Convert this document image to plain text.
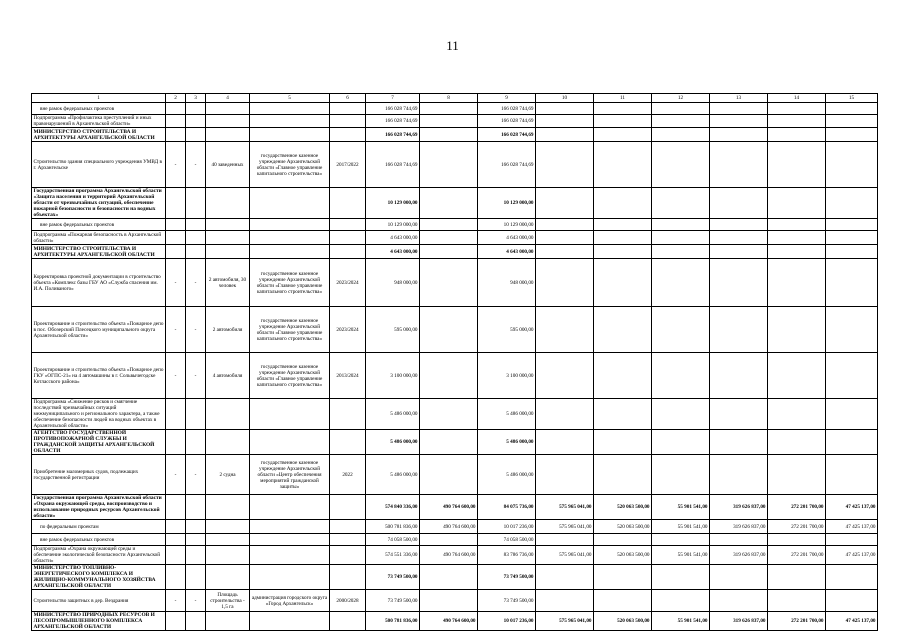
11
1	2	3	4	5	6	7	8	9	10	11	12	13	14	15
вне рамок федеральных проектов						166 028 744,69		166 028 744,69						
Подпрограмма «Профилактика преступлений и иных правонарушений в Архангельской области»						166 028 744,69		166 028 744,69						
МИНИСТЕРСТВО СТРОИТЕЛЬСТВА И АРХИТЕКТУРЫ АРХАНГЕЛЬСКОЙ ОБЛАСТИ						166 028 744,69		166 028 744,69						
Строительство здания специального учреждения УМВД в г. Архангельске	-	-	40 заведенных	государственное казенное учреждение Архангельской области «Главное управление капитального строительства»	2017/2022	166 028 744,69		166 028 744,69						
Государственная программа Архангельской области «Защита населения и территорий Архангельской области от чрезвычайных ситуаций, обеспечение пожарной безопасности и безопасности на водных объектах»						10 129 000,00		10 129 000,00						
вне рамок федеральных проектов						10 129 000,00		10 129 000,00						
Подпрограмма «Пожарная безопасность в Архангельской области»						4 643 000,00		4 643 000,00						
МИНИСТЕРСТВО СТРОИТЕЛЬСТВА И АРХИТЕКТУРЫ АРХАНГЕЛЬСКОЙ ОБЛАСТИ						4 643 000,00		4 643 000,00						
Корректировка проектной документации в строительство объекта «Комплекс базы ГБУ АО «Служба спасения им. И.А. Поливаного»	-	-	2 автомобиля, 30 человек	государственное казенное учреждение Архангельской области «Главное управление капитального строительства»	2023/2024	948 000,00		948 000,00						
Проектирование и строительство объекта «Пожарное депо в пос. Обозерский Плесецкого муниципального округа Архангельской области»	-	-	2 автомобиля	государственное казенное учреждение Архангельской области «Главное управление капитального строительства»	2023/2024	595 000,00		595 000,00						
Проектирование и строительство объекта «Пожарное депо ГКУ «ОГПС-21» на 4 автомашины в г. Сольвычегодске Котласского района»	-	-	4 автомобиля	государственное казенное учреждение Архангельской области «Главное управление капитального строительства»	2013/2024	3 100 000,00		3 100 000,00						
Подпрограмма «Снижение рисков и смягчение последствий чрезвычайных ситуаций межмуниципального и регионального характера, а также обеспечение безопасности людей на водных объектах в Архангельской области»						5 486 000,00		5 486 000,00						
АГЕНТСТВО ГОСУДАРСТВЕННОЙ ПРОТИВОПОЖАРНОЙ СЛУЖБЫ И ГРАЖДАНСКОЙ ЗАЩИТЫ АРХАНГЕЛЬСКОЙ ОБЛАСТИ						5 486 000,00		5 486 000,00						
Приобретение маломерных судов, подлежащих государственной регистрации	-	-	2 судна	государственное казенное учреждение Архангельской области «Центр обеспечения мероприятий гражданской защиты»	2022	5 486 000,00		5 486 000,00						
Государственная программа Архангельской области «Охрана окружающей среды, воспроизводство и использование природных ресурсов Архангельской области»						574 840 336,00	490 764 600,00	84 075 736,00	575 965 041,00	520 063 500,00	55 901 541,00	319 626 837,00	272 201 700,00	47 425 137,00
по федеральным проектам						500 781 836,00	490 764 600,00	10 017 236,00	575 965 041,00	520 063 500,00	55 901 541,00	319 626 837,00	272 201 700,00	47 425 137,00
вне рамок федеральных проектов						74 058 500,00		74 058 500,00						
Подпрограмма «Охрана окружающей среды и обеспечение экологической безопасности Архангельской области»						574 551 336,00	490 764 600,00	83 786 736,00	575 965 041,00	520 063 500,00	55 901 541,00	319 626 837,00	272 201 700,00	47 425 137,00
МИНИСТЕРСТВО ТОПЛИВНО-ЭНЕРГЕТИЧЕСКОГО КОМПЛЕКСА И ЖИЛИЩНО-КОММУНАЛЬНОГО ХОЗЯЙСТВА АРХАНГЕЛЬСКОЙ ОБЛАСТИ						73 749 500,00		73 749 500,00						
Строительство защитных в дер. Вездрания	-	-	Площадь строительства - 1,5 га	администрация городского округа «Город Архангельск»	2000/2028	73 749 500,00		73 749 500,00						
МИНИСТЕРСТВО ПРИРОДНЫХ РЕСУРСОВ И ЛЕСОПРОМЫШЛЕННОГО КОМПЛЕКСА АРХАНГЕЛЬСКОЙ ОБЛАСТИ						500 781 836,00	490 764 600,00	10 017 236,00	575 965 041,00	520 063 500,00	55 901 541,00	319 626 837,00	272 201 700,00	47 425 137,00
